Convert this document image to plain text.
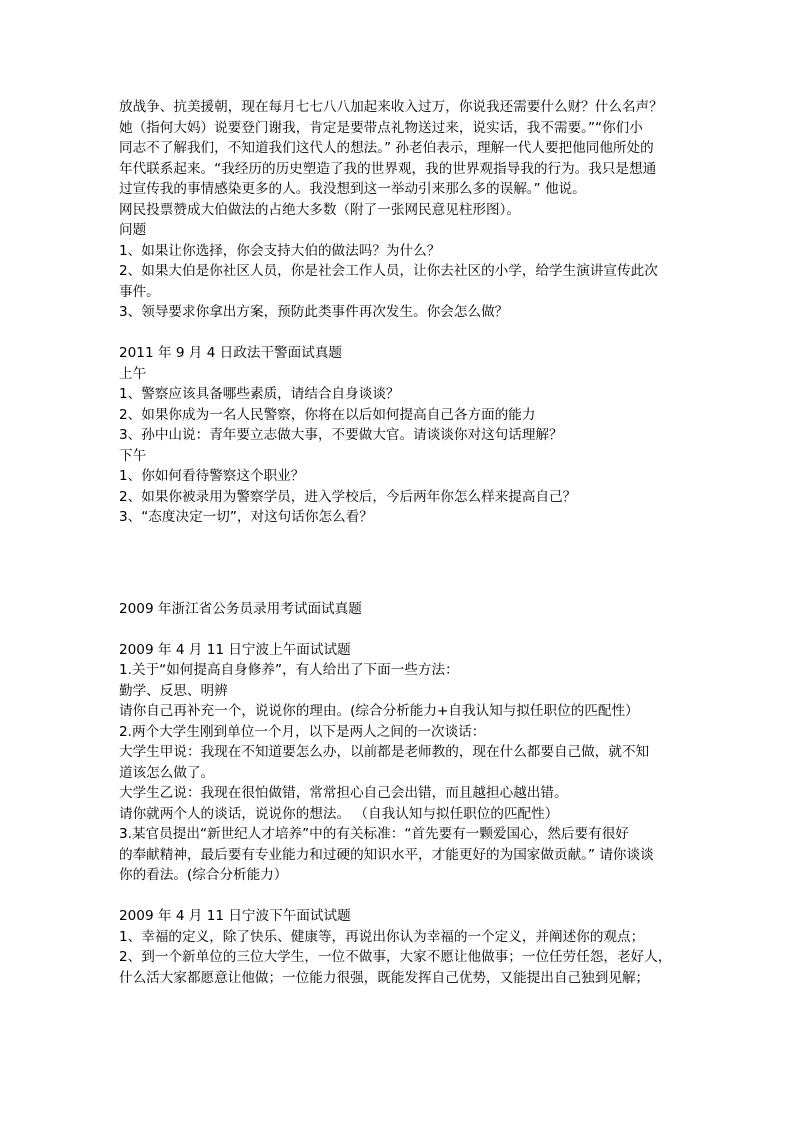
放战争、抗美援朝，现在每月七七八八加起来收入过万，你说我还需要什么财？什么名声？
她（指何大妈）说要登门谢我，肯定是要带点礼物送过来，说实话，我不需要。”“你们小
同志不了解我们，不知道我们这代人的想法。” 孙老伯表示，理解一代人要把他同他所处的
年代联系起来。“我经历的历史塑造了我的世界观，我的世界观指导我的行为。我只是想通
过宣传我的事情感染更多的人。我没想到这一举动引来那么多的误解。” 他说。
网民投票赞成大伯做法的占绝大多数（附了一张网民意见柱形图）。
问题
1、如果让你选择，你会支持大伯的做法吗？为什么？
2、如果大伯是你社区人员，你是社会工作人员，让你去社区的小学，给学生演讲宣传此次
事件。
3、领导要求你拿出方案，预防此类事件再次发生。你会怎么做？
2011 年 9 月 4 日政法干警面试真题
上午
1、警察应该具备哪些素质，请结合自身谈谈？
2、如果你成为一名人民警察，你将在以后如何提高自己各方面的能力
3、孙中山说：青年要立志做大事，不要做大官。请谈谈你对这句话理解？
下午
1、你如何看待警察这个职业？
2、如果你被录用为警察学员，进入学校后，今后两年你怎么样来提高自己？
3、“态度决定一切”，对这句话你怎么看？
2009 年浙江省公务员录用考试面试真题
2009 年 4 月 11 日宁波上午面试试题
1.关于“如何提高自身修养”，有人给出了下面一些方法：
勤学、反思、明辨
请你自己再补充一个，说说你的理由。(综合分析能力+自我认知与拟任职位的匹配性）
2.两个大学生刚到单位一个月，以下是两人之间的一次谈话：
大学生甲说：我现在不知道要怎么办，以前都是老师教的，现在什么都要自己做，就不知
道该怎么做了。
大学生乙说：我现在很怕做错，常常担心自己会出错，而且越担心越出错。
请你就两个人的谈话，说说你的想法。 （自我认知与拟任职位的匹配性）
3.某官员提出“新世纪人才培养”中的有关标准：“首先要有一颗爱国心，然后要有很好
的奉献精神，最后要有专业能力和过硬的知识水平，才能更好的为国家做贡献。” 请你谈谈
你的看法。(综合分析能力）
2009 年 4 月 11 日宁波下午面试试题
1、幸福的定义，除了快乐、健康等，再说出你认为幸福的一个定义，并阐述你的观点；
2、到一个新单位的三位大学生，一位不做事，大家不愿让他做事；一位任劳任怨，老好人，
什么活大家都愿意让他做；一位能力很强，既能发挥自己优势，又能提出自己独到见解；
